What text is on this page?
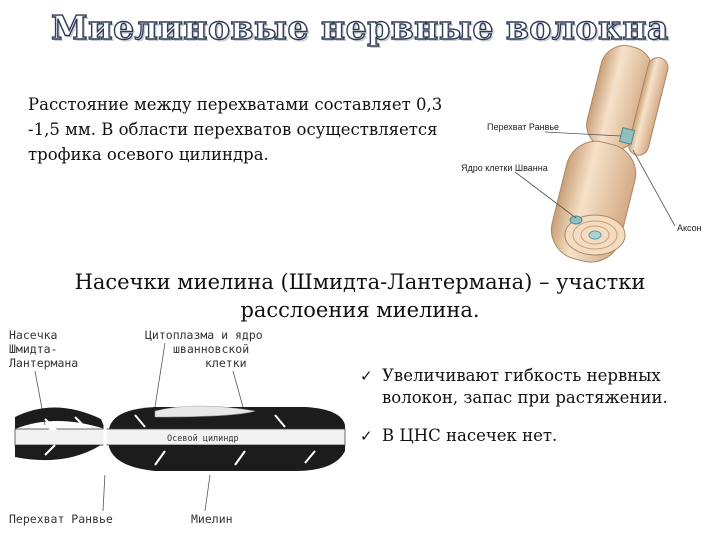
Миелиновые нервные волокна
Расстояние между перехватами составляет 0,3
-1,5 мм. В области перехватов осуществляется
трофика осевого цилиндра.
Перехват Ранвье
Ядро клетки Шванна
Аксон
Насечки миелина (Шмидта-Лантермана) – участки
расслоения миелина.
Насечка
Шмидта-
Лантермана
Цитоплазма и ядро
шванновской
клетки
Перехват Ранвье	Миелин
Осевой цилиндр
✓ Увеличивают гибкость нервных
волокон, запас при растяжении.
✓ В ЦНС насечек нет.
